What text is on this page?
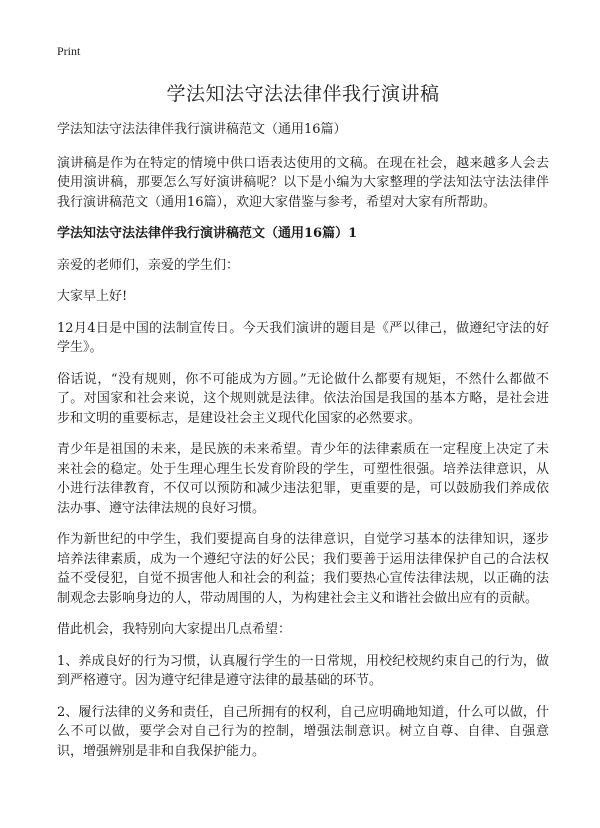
Print
学法知法守法法律伴我行演讲稿

学法知法守法法律伴我行演讲稿范文（通用16篇）

演讲稿是作为在特定的情境中供口语表达使用的文稿。在现在社会，越来越多人会去使用演讲稿，那要怎么写好演讲稿呢？以下是小编为大家整理的学法知法守法法律伴我行演讲稿范文（通用16篇），欢迎大家借鉴与参考，希望对大家有所帮助。

学法知法守法法律伴我行演讲稿范文（通用16篇）1

亲爱的老师们，亲爱的学生们：

大家早上好!

12月4日是中国的法制宣传日。今天我们演讲的题目是《严以律己，做遵纪守法的好学生》。

俗话说，“没有规则，你不可能成为方圆。”无论做什么都要有规矩，不然什么都做不了。对国家和社会来说，这个规则就是法律。依法治国是我国的基本方略，是社会进步和文明的重要标志，是建设社会主义现代化国家的必然要求。

青少年是祖国的未来，是民族的未来希望。青少年的法律素质在一定程度上决定了未来社会的稳定。处于生理心理生长发育阶段的学生，可塑性很强。培养法律意识，从小进行法律教育，不仅可以预防和减少违法犯罪，更重要的是，可以鼓励我们养成依法办事、遵守法律法规的良好习惯。

作为新世纪的中学生，我们要提高自身的法律意识，自觉学习基本的法律知识，逐步培养法律素质，成为一个遵纪守法的好公民；我们要善于运用法律保护自己的合法权益不受侵犯，自觉不损害他人和社会的利益；我们要热心宣传法律法规，以正确的法制观念去影响身边的人，带动周围的人，为构建社会主义和谐社会做出应有的贡献。

借此机会，我特别向大家提出几点希望：

1、养成良好的行为习惯，认真履行学生的一日常规，用校纪校规约束自己的行为，做到严格遵守。因为遵守纪律是遵守法律的最基础的环节。

2、履行法律的义务和责任，自己所拥有的权利，自己应明确地知道，什么可以做，什么不可以做，要学会对自己行为的控制，增强法制意识。树立自尊、自律、自强意识，增强辨别是非和自我保护能力。
